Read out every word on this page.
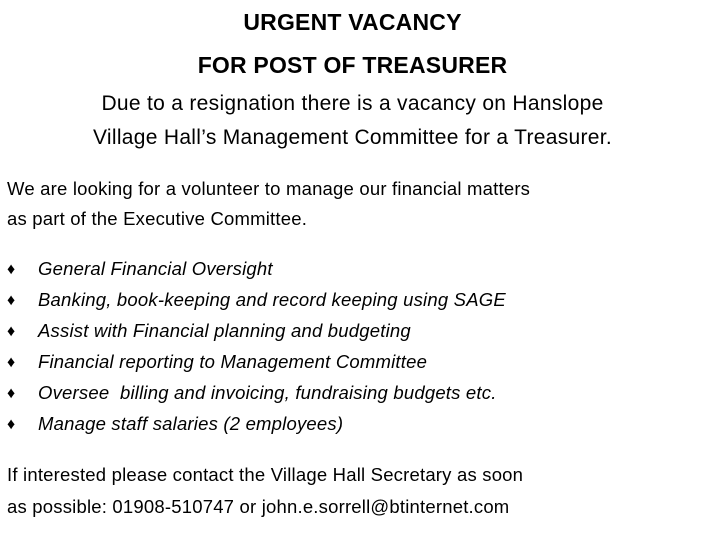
URGENT VACANCY
FOR POST OF TREASURER
Due to a resignation there is a vacancy on Hanslope
Village Hall’s Management Committee for a Treasurer.
We are looking for a volunteer to manage our financial matters
as part of the Executive Committee.
♦ General Financial Oversight
♦ Banking, book-keeping and record keeping using SAGE
♦ Assist with Financial planning and budgeting
♦ Financial reporting to Management Committee
♦ Oversee  billing and invoicing, fundraising budgets etc.
♦ Manage staff salaries (2 employees)
If interested please contact the Village Hall Secretary as soon
as possible: 01908-510747 or john.e.sorrell@btinternet.com
